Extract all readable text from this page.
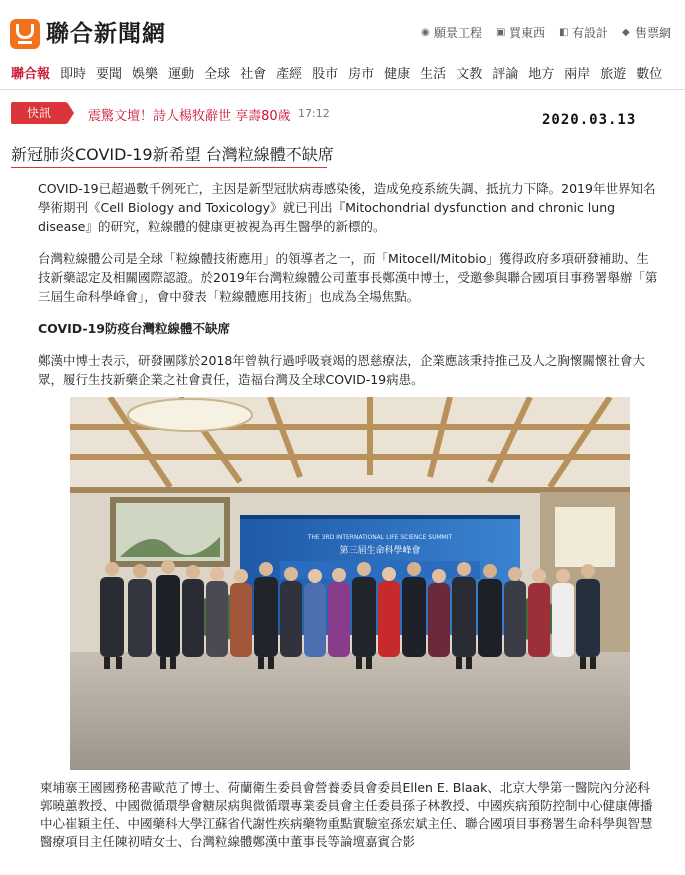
聯合新聞網	◉ 願景工程 ▣ 買東西 ◧ 有設計 ◆ 售票網
聯合報 即時 要聞 娛樂 運動 全球 社會 產經 股市 房市 健康 生活 文教 評論 地方 兩岸 旅遊 數位
快訊	震驚文壇！詩人楊牧辭世 享壽80歲 17:12	2020.03.13
新冠肺炎COVID-19新希望 台灣粒線體不缺席

COVID-19已超過數千例死亡，主因是新型冠狀病毒感染後，造成免疫系統失調、抵抗力下降。2019年世界知名學術期刊《Cell Biology and Toxicology》就已刊出『Mitochondrial dysfunction and chronic lung disease』的研究，粒線體的健康更被視為再生醫學的新標的。

台灣粒線體公司是全球「粒線體技術應用」的領導者之一，而「Mitocell/Mitobio」獲得政府多項研發補助、生技新藥認定及相關國際認證。於2019年台灣粒線體公司董事長鄭漢中博士，受邀參與聯合國項目事務署舉辦「第三屆生命科學峰會」，會中發表「粒線體應用技術」也成為全場焦點。

COVID-19防疫台灣粒線體不缺席

鄭漢中博士表示，研發團隊於2018年曾執行過呼吸衰竭的恩慈療法，企業應該秉持推己及人之胸懷關懷社會大眾，履行生技新藥企業之社會責任，造福台灣及全球COVID-19病患。

THE 3RD INTERNATIONAL LIFE SCIENCE SUMMIT
第三屆生命科學峰會
柬埔寨王國國務秘書歐范了博士、荷蘭衛生委員會營養委員會委員Ellen E. Blaak、北京大學第一醫院內分泌科郭曉蕙教授、中國微循環學會糖尿病與微循環專業委員會主任委員孫子林教授、中國疾病預防控制中心健康傳播中心崔穎主任、中國藥科大學江蘇省代謝性疾病藥物重點實驗室孫宏斌主任、聯合國項目事務署生命科學與智慧醫療項目主任陳初晴女士、台灣粒線體鄭漢中董事長等論壇嘉賓合影
